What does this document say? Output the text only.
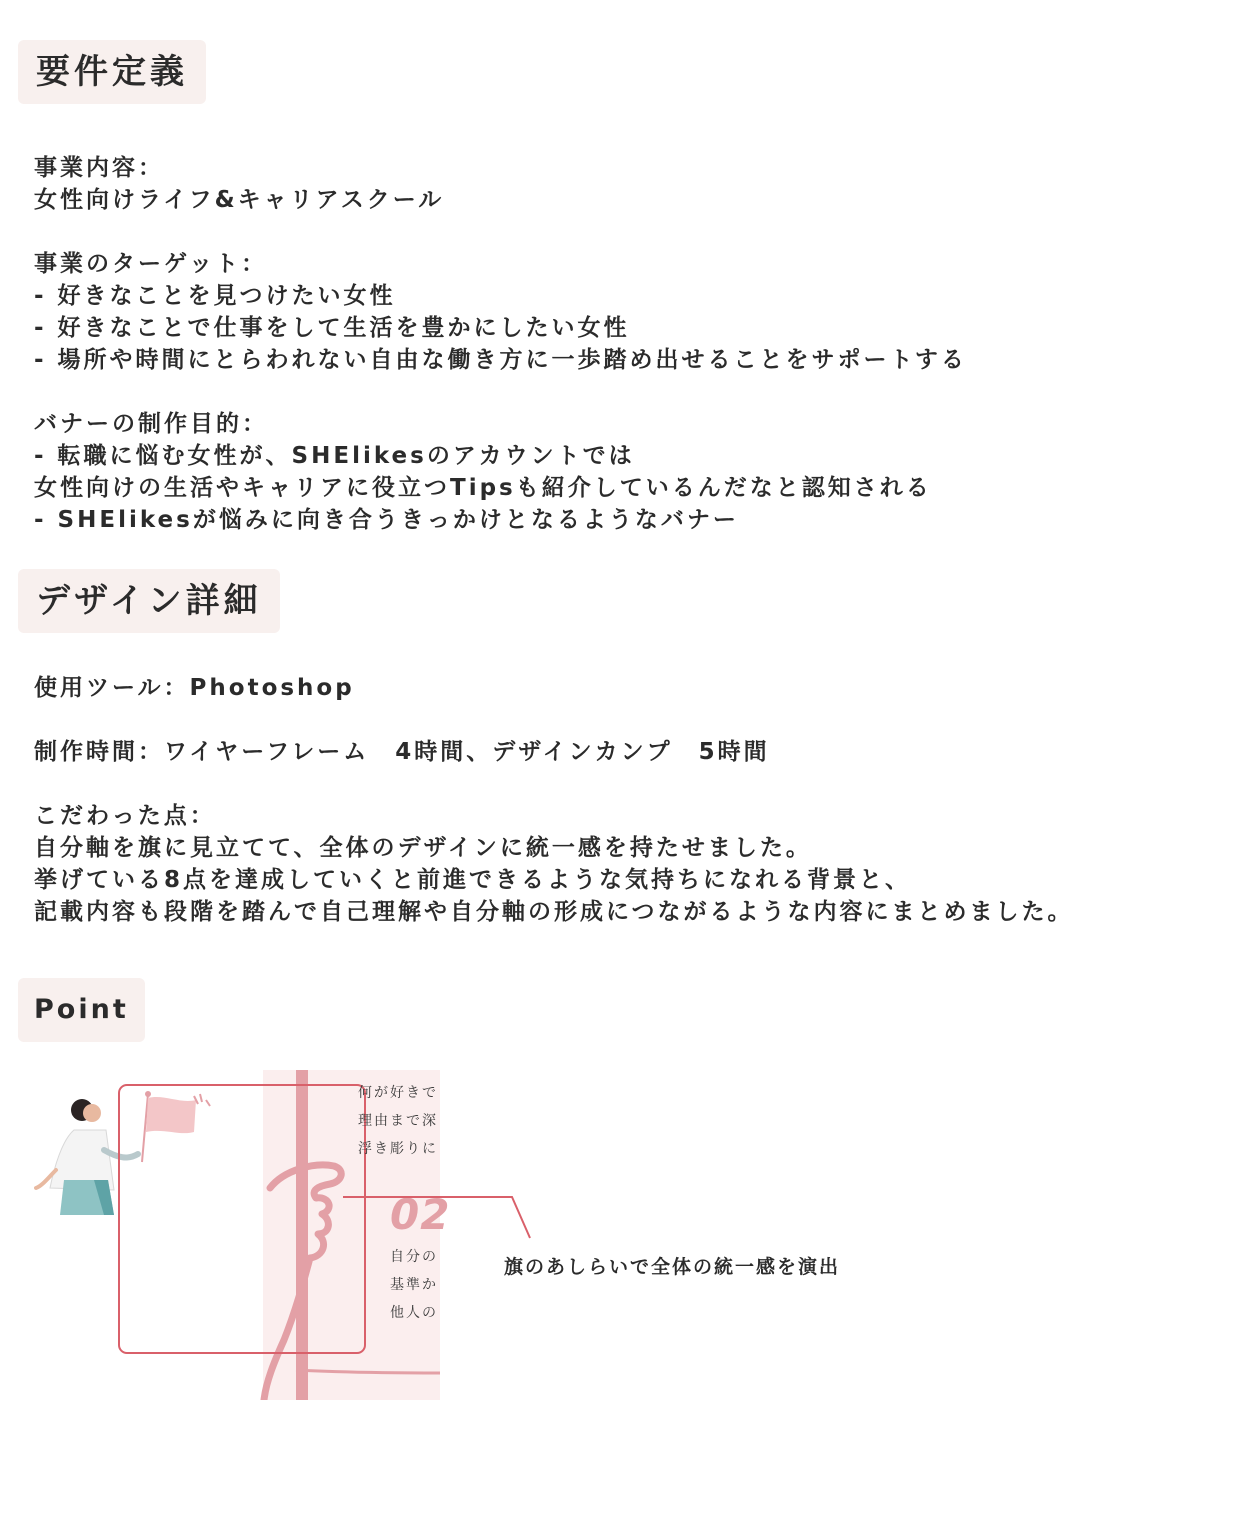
要件定義
事業内容：
女性向けライフ&キャリアスクール
事業のターゲット：
- 好きなことを見つけたい女性
- 好きなことで仕事をして生活を豊かにしたい女性
- 場所や時間にとらわれない自由な働き方に一歩踏め出せることをサポートする
バナーの制作目的：
- 転職に悩む女性が、SHElikesのアカウントでは
女性向けの生活やキャリアに役立つTipsも紹介しているんだなと認知される
- SHElikesが悩みに向き合うきっかけとなるようなバナー
デザイン詳細
使用ツール：Photoshop
制作時間：ワイヤーフレーム　4時間、デザインカンプ　5時間
こだわった点：
自分軸を旗に見立てて、全体のデザインに統一感を持たせました。
挙げている8点を達成していくと前進できるような気持ちになれる背景と、
記載内容も段階を踏んで自己理解や自分軸の形成につながるような内容にまとめました。
Point
何が好きで
理由まで深
浮き彫りに
02
自分の
基準か
他人の
旗のあしらいで全体の統一感を演出
